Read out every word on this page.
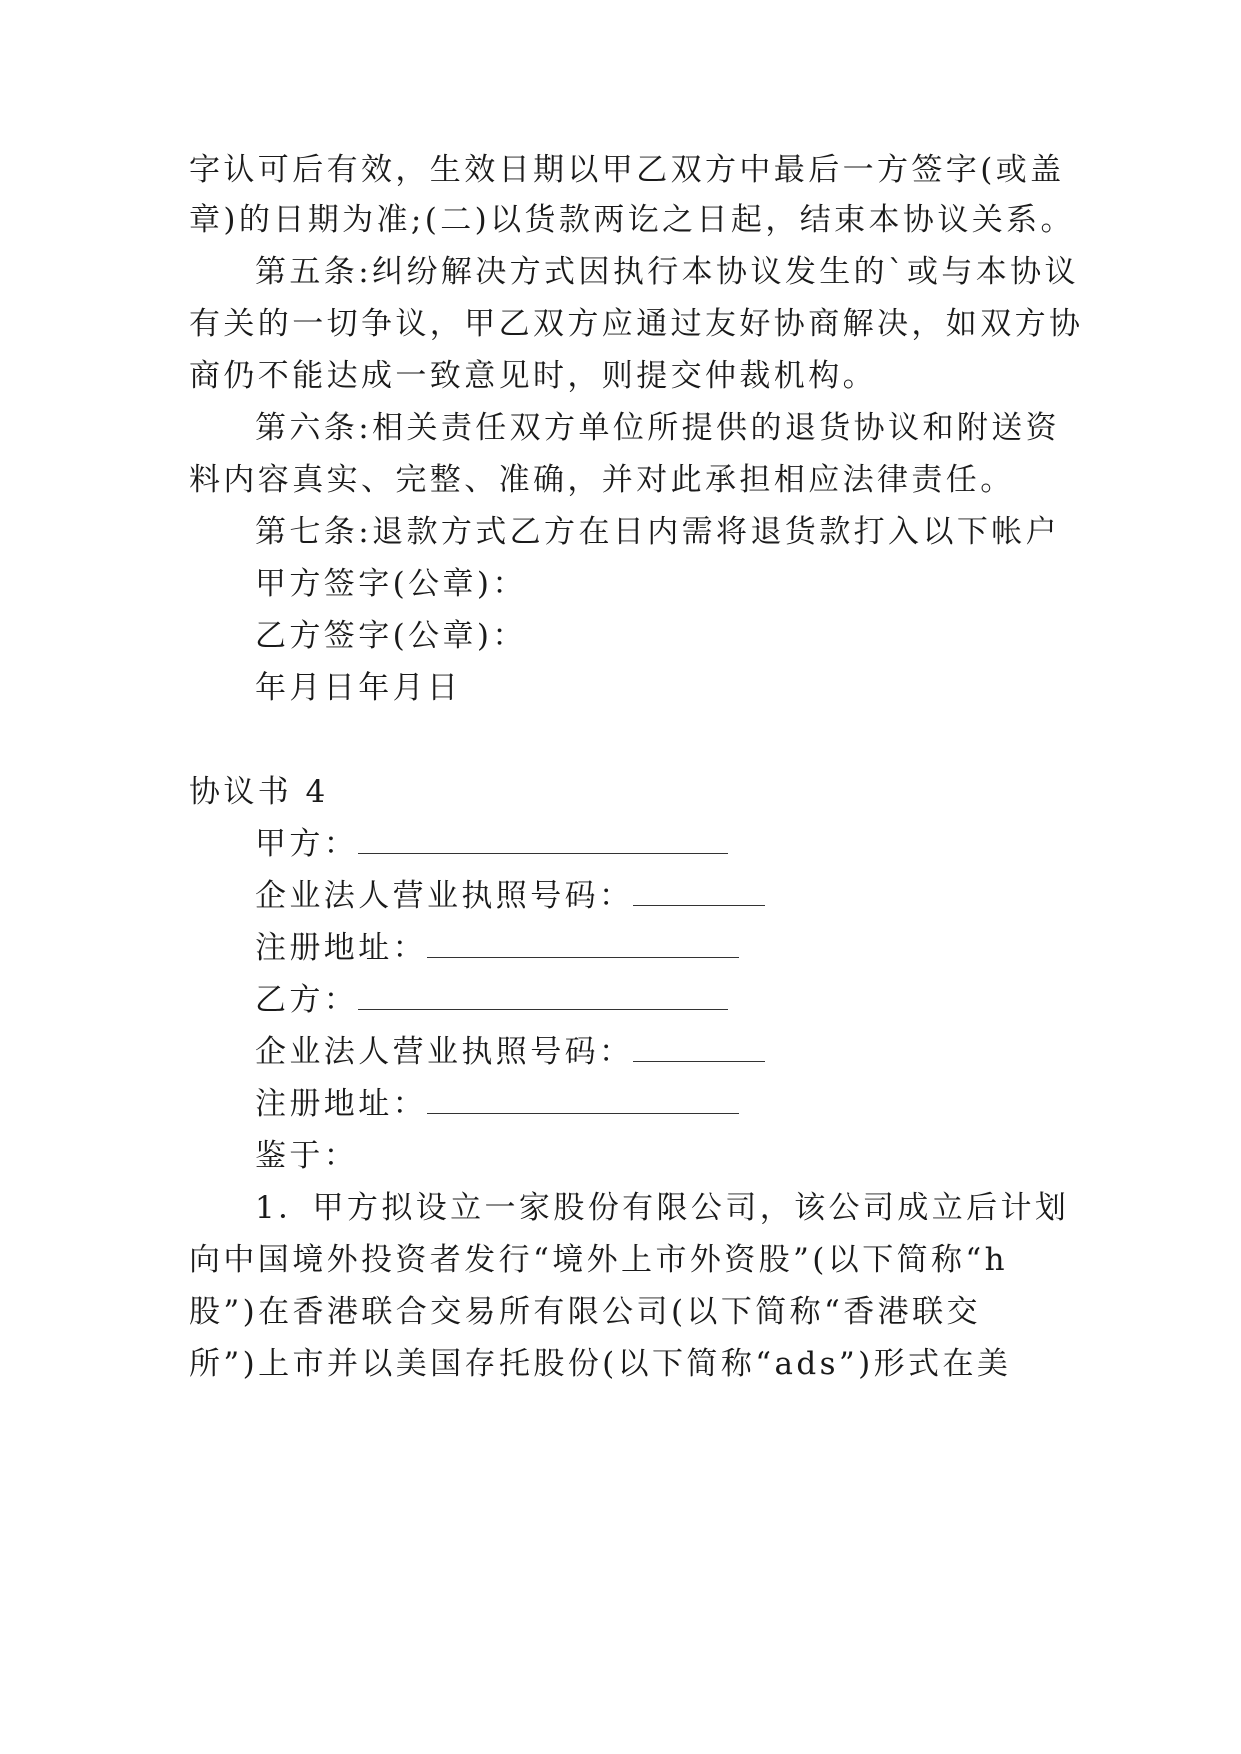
字认可后有效，生效日期以甲乙双方中最后一方签字(或盖
章)的日期为准;(二)以货款两讫之日起，结束本协议关系。
第五条:纠纷解决方式因执行本协议发生的`或与本协议
有关的一切争议，甲乙双方应通过友好协商解决，如双方协
商仍不能达成一致意见时，则提交仲裁机构。
第六条:相关责任双方单位所提供的退货协议和附送资
料内容真实、完整、准确，并对此承担相应法律责任。
第七条:退款方式乙方在日内需将退货款打入以下帐户
甲方签字(公章)：
乙方签字(公章)：
年月日年月日
协议书 4
甲方：
企业法人营业执照号码：
注册地址：
乙方：
企业法人营业执照号码：
注册地址：
鉴于：
1．甲方拟设立一家股份有限公司，该公司成立后计划
向中国境外投资者发行“境外上市外资股”(以下简称“h
股”)在香港联合交易所有限公司(以下简称“香港联交
所”)上市并以美国存托股份(以下简称“ads”)形式在美
